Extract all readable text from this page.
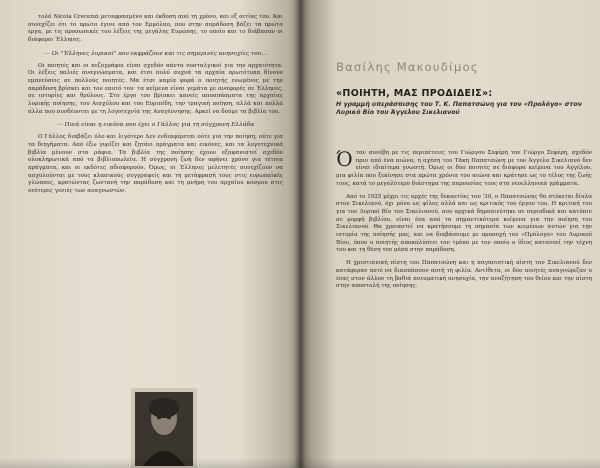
τολό Nicola Crecenzi μεταφρασμένο και έκδοση από τη χρόνο, και εξ αιτίας του. Και συνεχίζει ότι το πρώτο έγινε από τον Ερμόλαο, που στην παράδοση βάζει τα πρώτα έργα, με τις προσωπικές του λέξεις της μεγάλης Ευρώπης, το οποίο και το διάβασαν οι διάφοροι Έλληνες.

— Οι "Έλληνες λυρικοί" που εκφράζουν και τις σημερινές ανησυχίες του...

Οι ποιητές και οι πεζογράφοι είναι σχεδόν πάντα νοσταλγικοί για την αρχαιότητα. Οι λέξεις παλιές αναγνώσματα, και έτσι πολύ συχνά τα αρχαία πρωτότυπα δίνουν εμπνεύσεις σε πολλούς ποιητές. Μα έτσι καμία φορά ο ποιητής ενωμένος με την παράδοση βρίσκει και τον εαυτό του· τα κείμενα είναι γεμάτα με αναφορές σε Έλληνες, σε ιστορίες και θρύλους. Στο έργο του βρίσκει κανείς αποσπάσματα της αρχαίας λυρικής ποίησης, του Αισχύλου και του Ευριπίδη, την τραγική ποίηση, αλλά και πολλά άλλα που συνδέονται με τη λογοτεχνία της Αναγέννησης. Αρκεί να δούμε τα βιβλία του.

— Ποιά είναι η εικόνα που έχει ο Γάλλος για τη σύγχρονη Ελλάδα

Ο Γάλλος διαβάζει όλο και λιγότερο Δεν ενδιαφέρεται ούτε για την ποίηση, ούτε για τα διηγήματα. Από έξω γυρίζει και ζητάει πράγματα και εικόνες, και τα λογοτεχνικά βιβλία μένουν στα ράφια. Τα βιβλία της ποίησης έχουν εξαφανιστεί σχεδόν ολοκληρωτικά από τα βιβλιοπωλεία. Η σύγχρονη ζωή δεν αφήνει χρόνο για τέτοια πράγματα, και οι εκδότες αδιαφορούν. Όμως, οι Έλληνες μελετητές συνεχίζουν να ασχολούνται με τους κλασικούς συγγραφείς και τη μετάφρασή τους στις ευρωπαϊκές γλώσσες, κρατώντας ζωντανή την παράδοση και τη μνήμη του αρχαίου κόσμου στις νεότερες γενιές των αναγνωστών.

Βασίλης Μακουδίμος
«ΠΟΙΗΤΗ, ΜΑΣ ΠΡΟΔΙΔΕΙΣ»:
Η γραμμή υπεράσπισης του Τ. Κ. Παπατσώνη για τον «Προλόγο» στον Λυρικό Βίο του Άγγελου Σικελιανού

Όταν συνέβη με τις περιπέτειες του Γιώργου Σεφέρη τον Γιώργο Σεφέρη, σχεδόν πριν από ένα αιώνα, η σχέση του Τάκη Παπατσώνη με τον Άγγελο Σικελιανό δεν είναι ιδιαίτερα γνωστή. Όμως οι δύο ποιητές σε διάφορα κείμενα του Αγγέλου, μια φιλία που ξεκίνησε στα πρώτα χρόνια του αιώνα και κράτησε ως το τέλος της ζωής τους, κατά το μεγαλύτερο διάστημα της παρουσίας τους στα νεοελληνικά γράμματα.

Από το 1925 μέχρι τις αρχές της δεκαετίας του '30, ο Παπατσώνης θα στέκεται δίπλα στον Σικελιανό, όχι μόνο ως φίλος αλλά και ως κριτικός του έργου του. Η κριτική του για τον Λυρικό Βίο του Σικελιανού, που αρχικά δημοσιεύτηκε σε περιοδικά και κατόπιν σε μορφή βιβλίου, είναι ένα από τα σημαντικότερα κείμενα για την ποίηση του Σικελιανού. Θα χρειαστεί να κρατήσουμε τη σημασία των κειμένων αυτών για την ιστορία της ποίησής μας, και να διαβάσουμε με προσοχή τον «Πρόλογο» του Λυρικού Βίου, όπου ο ποιητής αποκαλύπτει τον τρόπο με τον οποίο ο ίδιος κατανοεί την τέχνη του και τη θέση του μέσα στην παράδοση.

Η χριστιανική πίστη του Παπατσώνη και η παγανιστική πίστη του Σικελιανού δεν κατάφεραν ποτέ να διασπάσουν αυτή τη φιλία. Αντίθετα, οι δύο ποιητές αναγνώριζαν ο ένας στον άλλον τη βαθιά πνευματική ανησυχία, την αναζήτηση του θείου και την πίστη στην αποστολή της ποίησης.
